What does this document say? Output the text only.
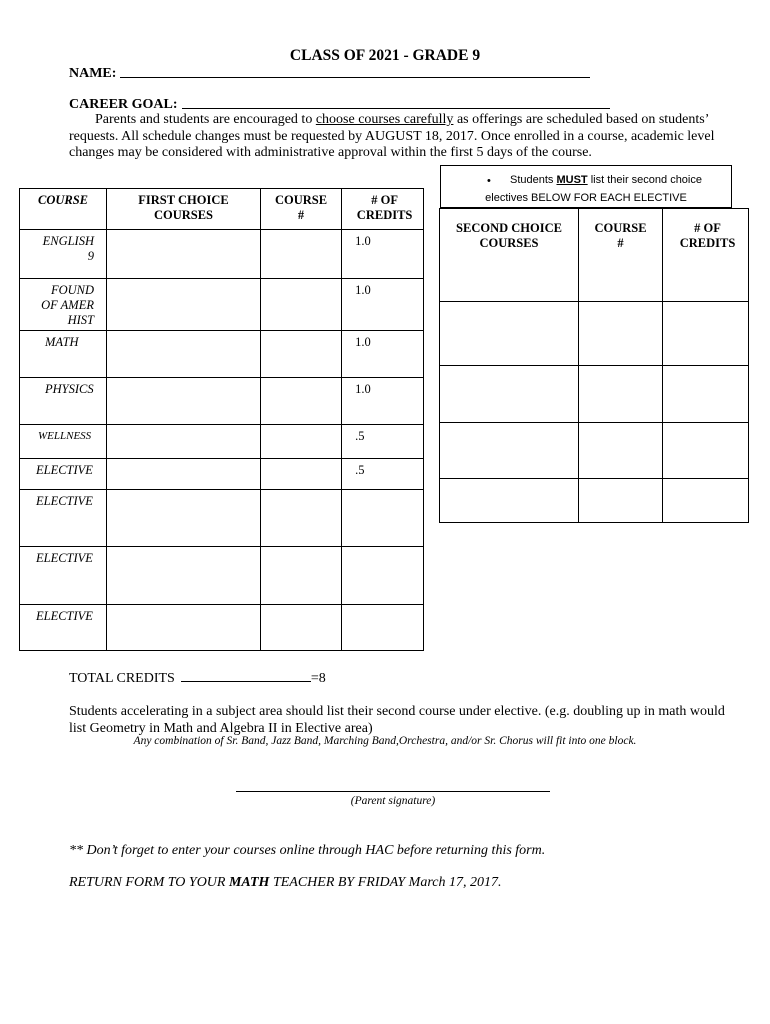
CLASS OF 2021 - GRADE 9
NAME:
CAREER GOAL:

Parents and students are encouraged to choose courses carefully as offerings are scheduled based on students’ requests. All schedule changes must be requested by AUGUST 18, 2017. Once enrolled in a course, academic level changes may be considered with administrative approval within the first 5 days of the course.

• Students MUST list their second choice
electives BELOW FOR EACH ELECTIVE
COURSE	FIRST CHOICE COURSES	COURSE #	# OF CREDITS

ENGLISH 9			1.0

FOUND OF AMER HIST			1.0
MATH			1.0
PHYSICS			1.0
WELLNESS			.5
ELECTIVE			.5
ELECTIVE			
ELECTIVE			
ELECTIVE			
SECOND CHOICE COURSES	COURSE #	# OF CREDITS

TOTAL CREDITS	=8
Students accelerating in a subject area should list their second course under elective. (e.g. doubling up in math would list Geometry in Math and Algebra II in Elective area)
Any combination of Sr. Band, Jazz Band, Marching Band,Orchestra, and/or Sr. Chorus will fit into one block.
(Parent signature)
** Don’t forget to enter your courses online through HAC before returning this form.
RETURN FORM TO YOUR MATH TEACHER BY FRIDAY March 17, 2017.
